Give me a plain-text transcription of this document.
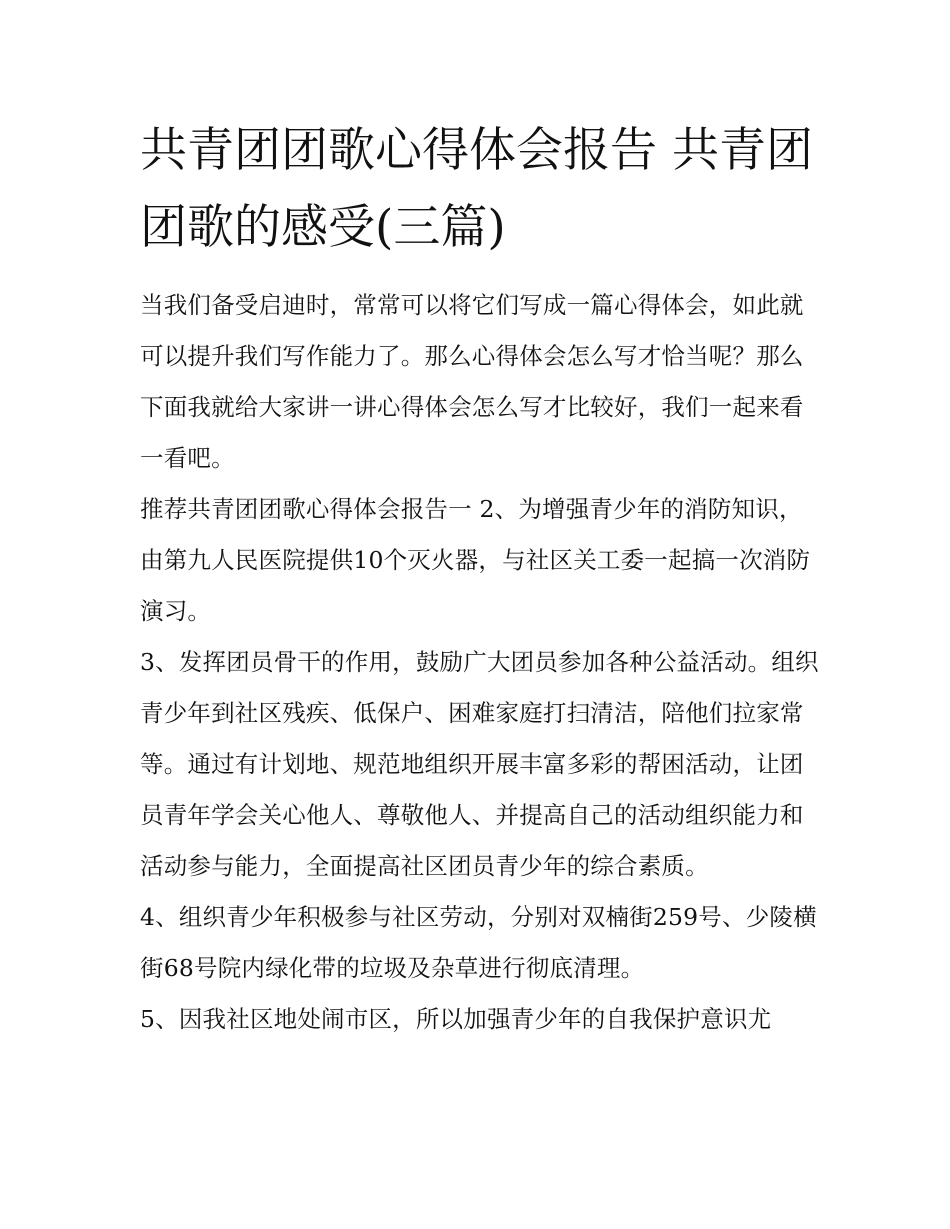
共青团团歌心得体会报告 共青团团歌的感受(三篇)

当我们备受启迪时，常常可以将它们写成一篇心得体会，如此就可以提升我们写作能力了。那么心得体会怎么写才恰当呢？那么下面我就给大家讲一讲心得体会怎么写才比较好，我们一起来看一看吧。

推荐共青团团歌心得体会报告一 2、为增强青少年的消防知识，由第九人民医院提供10个灭火器，与社区关工委一起搞一次消防演习。

3、发挥团员骨干的作用，鼓励广大团员参加各种公益活动。组织青少年到社区残疾、低保户、困难家庭打扫清洁，陪他们拉家常等。通过有计划地、规范地组织开展丰富多彩的帮困活动，让团员青年学会关心他人、尊敬他人、并提高自己的活动组织能力和活动参与能力，全面提高社区团员青少年的综合素质。

4、组织青少年积极参与社区劳动，分别对双楠街259号、少陵横街68号院内绿化带的垃圾及杂草进行彻底清理。

5、因我社区地处闹市区，所以加强青少年的自我保护意识尤
